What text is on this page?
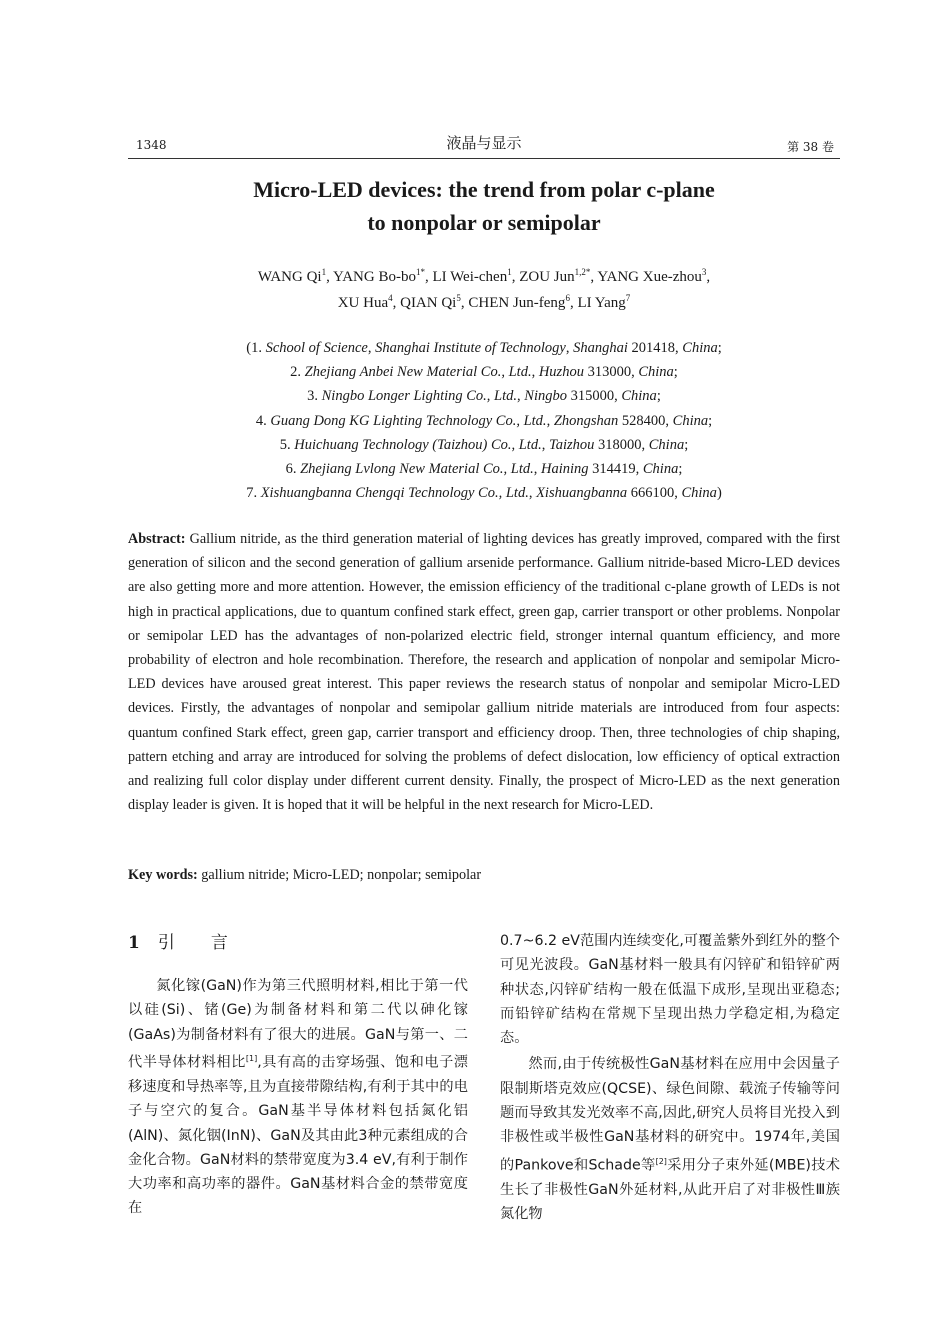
1348	液晶与显示	第 38 卷
Micro-LED devices: the trend from polar c-plane
to nonpolar or semipolar
WANG Qi$^1$, YANG $Bo-bo^{1*}$, LI Wei-chen$^1$, ZOU Jun$^{1,2*}$, YANG Xue-zhou$^3$,
XU Hua$^4$, QIAN Qi$^5$, CHEN Jun-feng$^6$, LI Yang$^7$
(1. School of Science, Shanghai Institute of Technology, Shanghai 201418, China;
2. Zhejiang Anbei New Material Co., Ltd., Huzhou 313000, China;
3. Ningbo Longer Lighting Co., Ltd., Ningbo 315000, China;
4. Guang Dong KG Lighting Technology Co., Ltd., Zhongshan 528400, China;
5. Huichuang Technology (Taizhou) Co., Ltd., Taizhou 318000, China;
6. Zhejiang Lvlong New Material Co., Ltd., Haining 314419, China;
7. Xishuangbanna Chengqi Technology Co., Ltd., Xishuangbanna 666100, China)
Abstract: Gallium nitride, as the third generation material of lighting devices has greatly improved, compared with the first generation of silicon and the second generation of gallium arsenide performance. Gallium nitride-based Micro-LED devices are also getting more and more attention. However, the emission efficiency of the traditional c-plane growth of LEDs is not high in practical applications, due to quantum confined stark effect, green gap, carrier transport or other problems. Nonpolar or semipolar LED has the advantages of non-polarized electric field, stronger internal quantum efficiency, and more probability of electron and hole recombination. Therefore, the research and application of nonpolar and semipolar Micro-LED devices have aroused great interest. This paper reviews the research status of nonpolar and semipolar Micro-LED devices. Firstly, the advantages of nonpolar and semipolar gallium nitride materials are introduced from four aspects: quantum confined Stark effect, green gap, carrier transport and efficiency droop. Then, three technologies of chip shaping, pattern etching and array are introduced for solving the problems of defect dislocation, low efficiency of optical extraction and realizing full color display under different current density. Finally, the prospect of Micro-LED as the next generation display leader is given. It is hoped that it will be helpful in the next research for Micro-LED.
Key words: gallium nitride; Micro-LED; nonpolar; semipolar
1 引言

氮化镓(GaN)作为第三代照明材料,相比于第一代以硅(Si)、锗(Ge)为制备材料和第二代以砷化镓(GaAs)为制备材料有了很大的进展。GaN与第一、二代半导体材料相比[1],具有高的击穿场强、饱和电子漂移速度和导热率等,且为直接带隙结构,有利于其中的电子与空穴的复合。GaN基半导体材料包括氮化铝(AlN)、氮化铟(InN)、GaN及其由此3种元素组成的合金化合物。GaN材料的禁带宽度为3.4 eV,有利于制作大功率和高功率的器件。GaN基材料合金的禁带宽度在

0.7~6.2 eV范围内连续变化,可覆盖紫外到红外的整个可见光波段。GaN基材料一般具有闪锌矿和铅锌矿两种状态,闪锌矿结构一般在低温下成形,呈现出亚稳态;而铅锌矿结构在常规下呈现出热力学稳定相,为稳定态。

然而,由于传统极性GaN基材料在应用中会因量子限制斯塔克效应(QCSE)、绿色间隙、载流子传输等问题而导致其发光效率不高,因此,研究人员将目光投入到非极性或半极性GaN基材料的研究中。1974年,美国的Pankove和Schade等[2]采用分子束外延(MBE)技术生长了非极性GaN外延材料,从此开启了对非极性Ⅲ族氮化物
